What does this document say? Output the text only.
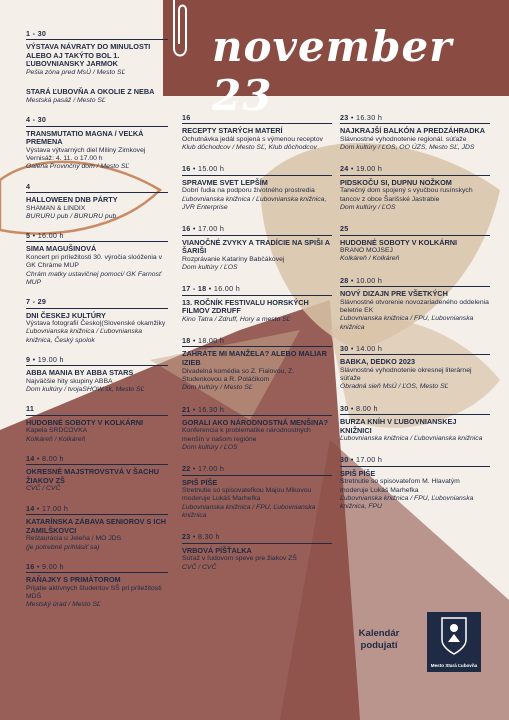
november 23
1 - 30
VÝSTAVA NÁVRATY DO MINULOSTI ALEBO AJ TAKÝTO BOL 1. ĽUBOVNIANSKY JARMOK
Pešia zóna pred MsÚ / Mesto SĽ
STARÁ ĽUBOVŇA A OKOLIE Z NEBA
Mestská pasáž / Mesto SĽ
4 - 30
TRANSMUTATIO MAGNA / VEĽKÁ PREMENA
Výstava výtvarných diel Miliny Zimkovej Vernisáž: 4. 11. o 17.00 h
Galéria Provinčný dom / Mesto SĽ
4
HALLOWEEN DNB PÁRTY
SHAMAN & LINDIX
BURURU pub / BURURU pub
5 • 16.00 h
SIMA MAGUŠINOVÁ
Koncert pri príležitosti 30. výročia sloóženia v GK Chráme MUP
Chrám matky ustavičnej pomoci/ GK Farnosť MUP
7 - 29
DNI ČESKEJ KULTÚRY
Výstava fotografií Česko|(Slovenské okamžiky
Ľubovnianska knižnica / Ľubovnianska knižnica, Český spolok
9 • 19.00 h
ABBA MANIA BY ABBA STARS
Najväčšie hity skupiny ABBA
Dom kultúry / tvojaSHOW.sk, Mesto SĽ
11
HUDOBNÉ SOBOTY V KOLKÁRNI
Kapela SRDCOVKA
Kolkáreň / Kolkáreň
14 • 8.00 h
OKRESNÉ MAJSTROVSTVÁ V ŠACHU ŽIAKOV ZŠ
CVČ / CVČ
14 • 17.00 h
KATARÍNSKA ZÁBAVA SENIOROV S ICH ZAMILŠKOVCI
Reštaurácia u Jeleňa / MO JDS
(je potrebné prihlásiť sa)
16 • 9.00 h
RAŇAJKY S PRIMÁTOROM
Prijatie aktívnych študentov SŠ pri príležitosti MDŠ
Mestský úrad / Mesto SĽ
16
RECEPTY STARÝCH MATERÍ
Ochutnávka jedál spojená s výmenou receptov
Klub dôchodcov / Mesto SĽ, Klub dôchodcov
16 • 15.00 h
SPRAVME SVET LEPŠÍM
Dobrí ľudia na podporu životného prostredia
Ľubovnianska knižnica / Ľubovnianska knižnica, JVR Enterprise
16 • 17.00 h
VIANOČNÉ ZVYKY A TRADÍCIE NA SPIŠI A ŠARIŠI
Rozprávanie Kataríny Babčákovej
Dom kultúry / ĽOS
17 - 18 • 16.00 h
13. ROČNÍK FESTIVALU HORSKÝCH FILMOV ZDRUFF
Kino Tatra / Zdruff, Hory a mesto SĽ
18 • 18.00 h
ZAHRÁTE MI MANŽELA? ALEBO MALIAR IZIEB
Divadelná komédia so Z. Fialovou, Z. Studenkovou a R. Poláčikom
Dom kultúry / Mesto SĽ
21 • 16.30 h
GORALI AKO NÁRODNOSTNÁ MENŠINA?
Konferencia k problematike národnostných menšín v našom regióne
Dom kultúry / ĽOS
22 • 17.00 h
SPIŠ PÍŠE
Stretnutie so spisovateľkou Majou Mikovou moderuje Lukáš Marhefka
Ľubovnianska knižnica / FPU, Ľubovnianska knižnica
23 • 8.30 h
VRBOVÁ PÍŠŤALKA
Súťaž v ľudovom speve pre žiakov ZŠ
CVČ / CVČ
23 • 16.30 h
NAJKRAJŠÍ BALKÓN A PREDZÁHRADKA
Slávnostné vyhodnotenie regionál. súťaže
Dom kultúry / ĽOS, OO ÚZS, Mesto SĽ, JDS
24 • 19.00 h
PIDSKOČU SI, DUPNU NOŽKOM
Tanečný dom spojený s výučbou rusínskych tancov z obce Šarišské Jastrabie
Dom kultúry / ĽOS
25
HUDOBNÉ SOBOTY V KOLKÁRNI
BRANO MOJSEJ
Kolkáreň / Kolkáreň
28 • 10.00 h
NOVÝ DIZAJN PRE VŠETKÝCH
Slávnostné otvorenie novozariadeného oddelenia beletrie EK
Ľubovnianska knižnica / FPU, Ľubovnianska knižnica
30 • 14.00 h
BABKA, DEDKO 2023
Slávnostné vyhodnotenie okresnej literárnej súťaže
Obradná sieň MsÚ / ĽOS, Mesto SĽ
30 • 8.00 h
BURZA KNÍH V ĽUBOVNIANSKEJ KNIŽNICI
Ľubovnianska knižnica / Ľubovnianska knižnica
30 • 17.00 h
SPIŠ PÍŠE
Stretnutie so spisovateľom M. Hlavatým moderuje Lukáš Marhefka
Ľubovnianska knižnica / FPU, Ľubovnianska knižnica, FPU
Kalendár podujatí
Mesto Stará Ľubovňa
